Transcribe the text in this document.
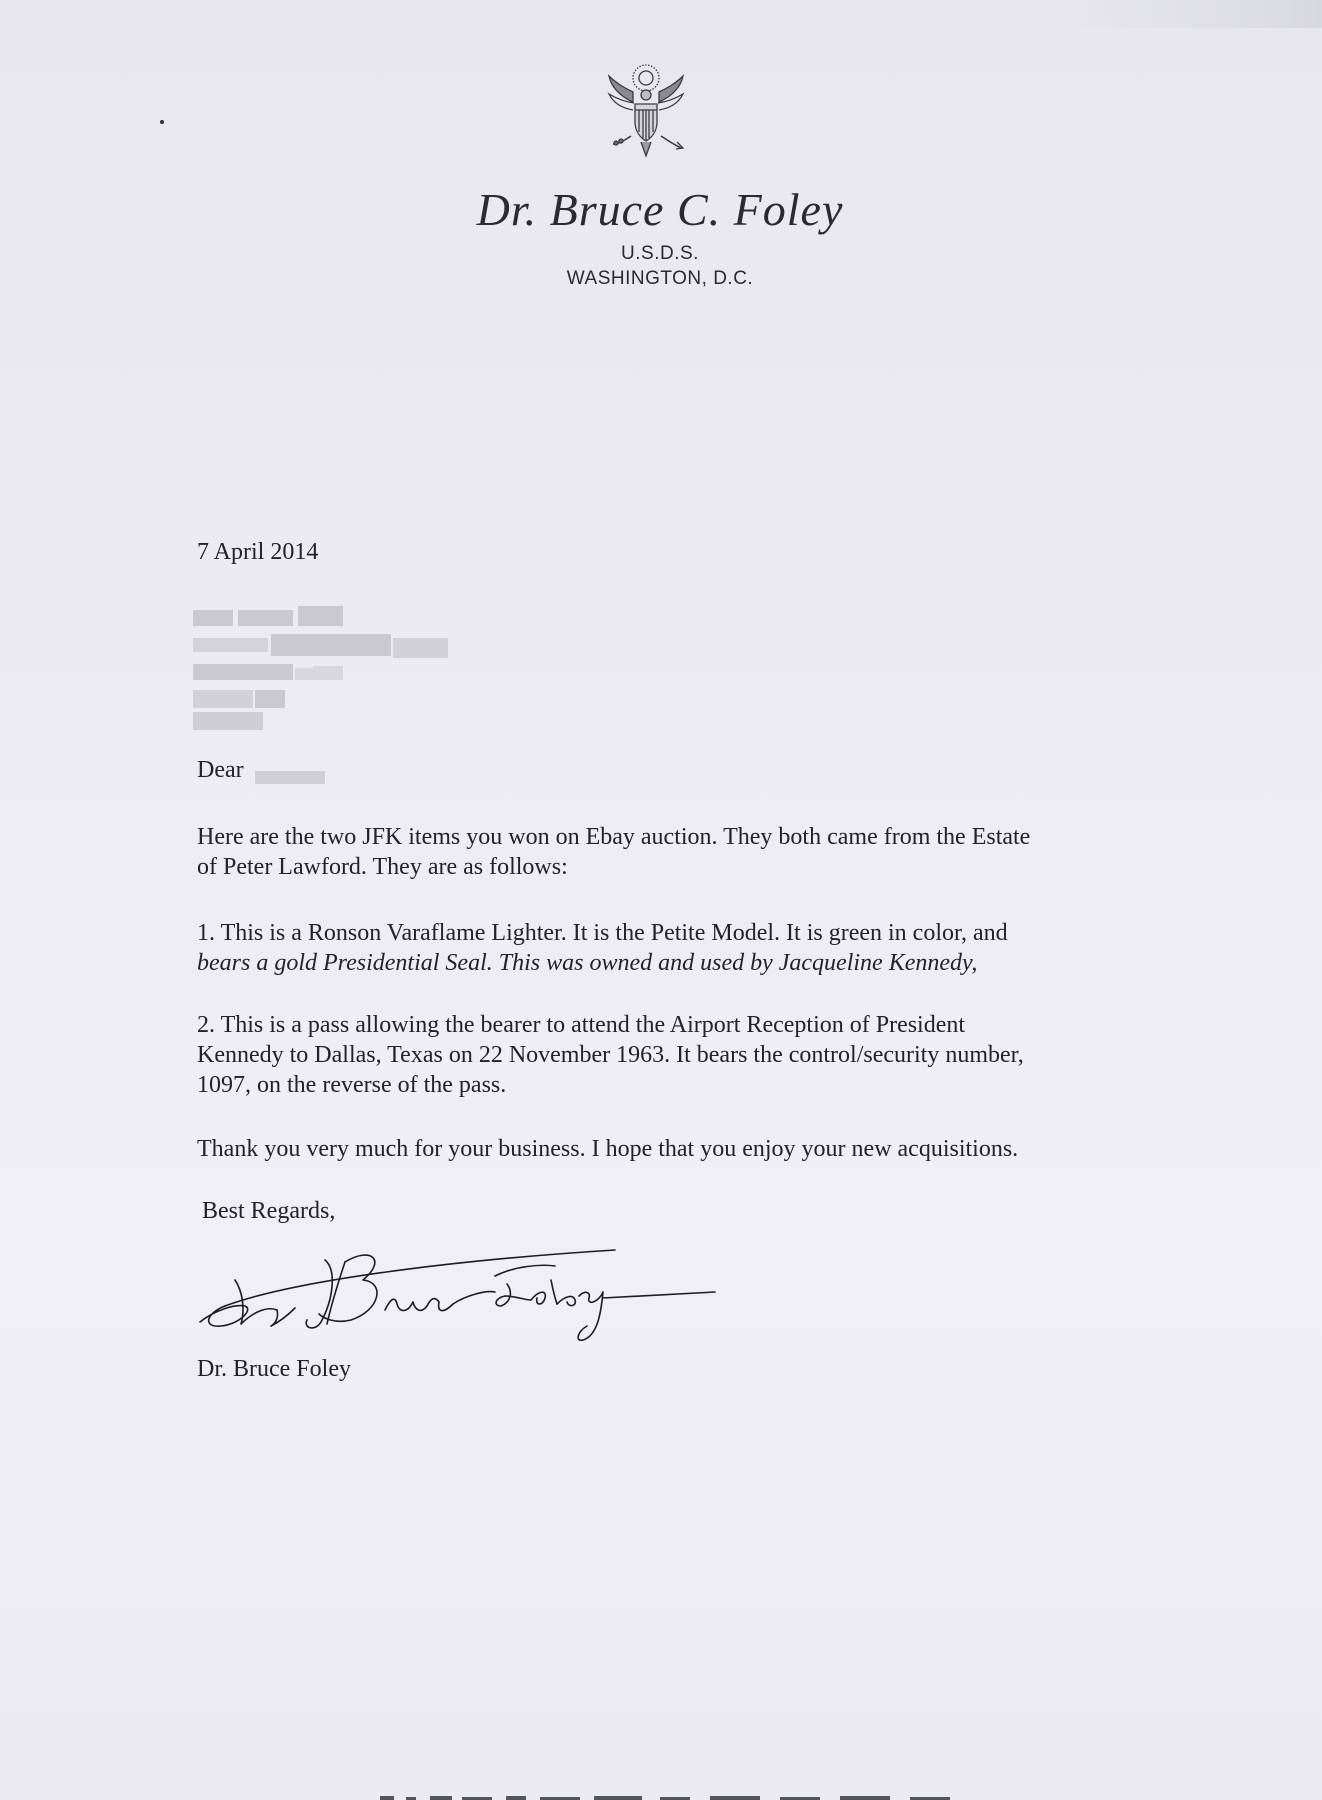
Dr. Bruce C. Foley
U.S.D.S.
WASHINGTON, D.C.
7 April 2014
Dear
Here are the two JFK items you won on Ebay auction. They both came from the Estate
of Peter Lawford. They are as follows:
1. This is a Ronson Varaflame Lighter. It is the Petite Model. It is green in color, and
bears a gold Presidential Seal. This was owned and used by Jacqueline Kennedy,
2. This is a pass allowing the bearer to attend the Airport Reception of President
Kennedy to Dallas, Texas on 22 November 1963. It bears the control/security number,
1097, on the reverse of the pass.
Thank you very much for your business. I hope that you enjoy your new acquisitions.
Best Regards,
Dr. Bruce Foley
